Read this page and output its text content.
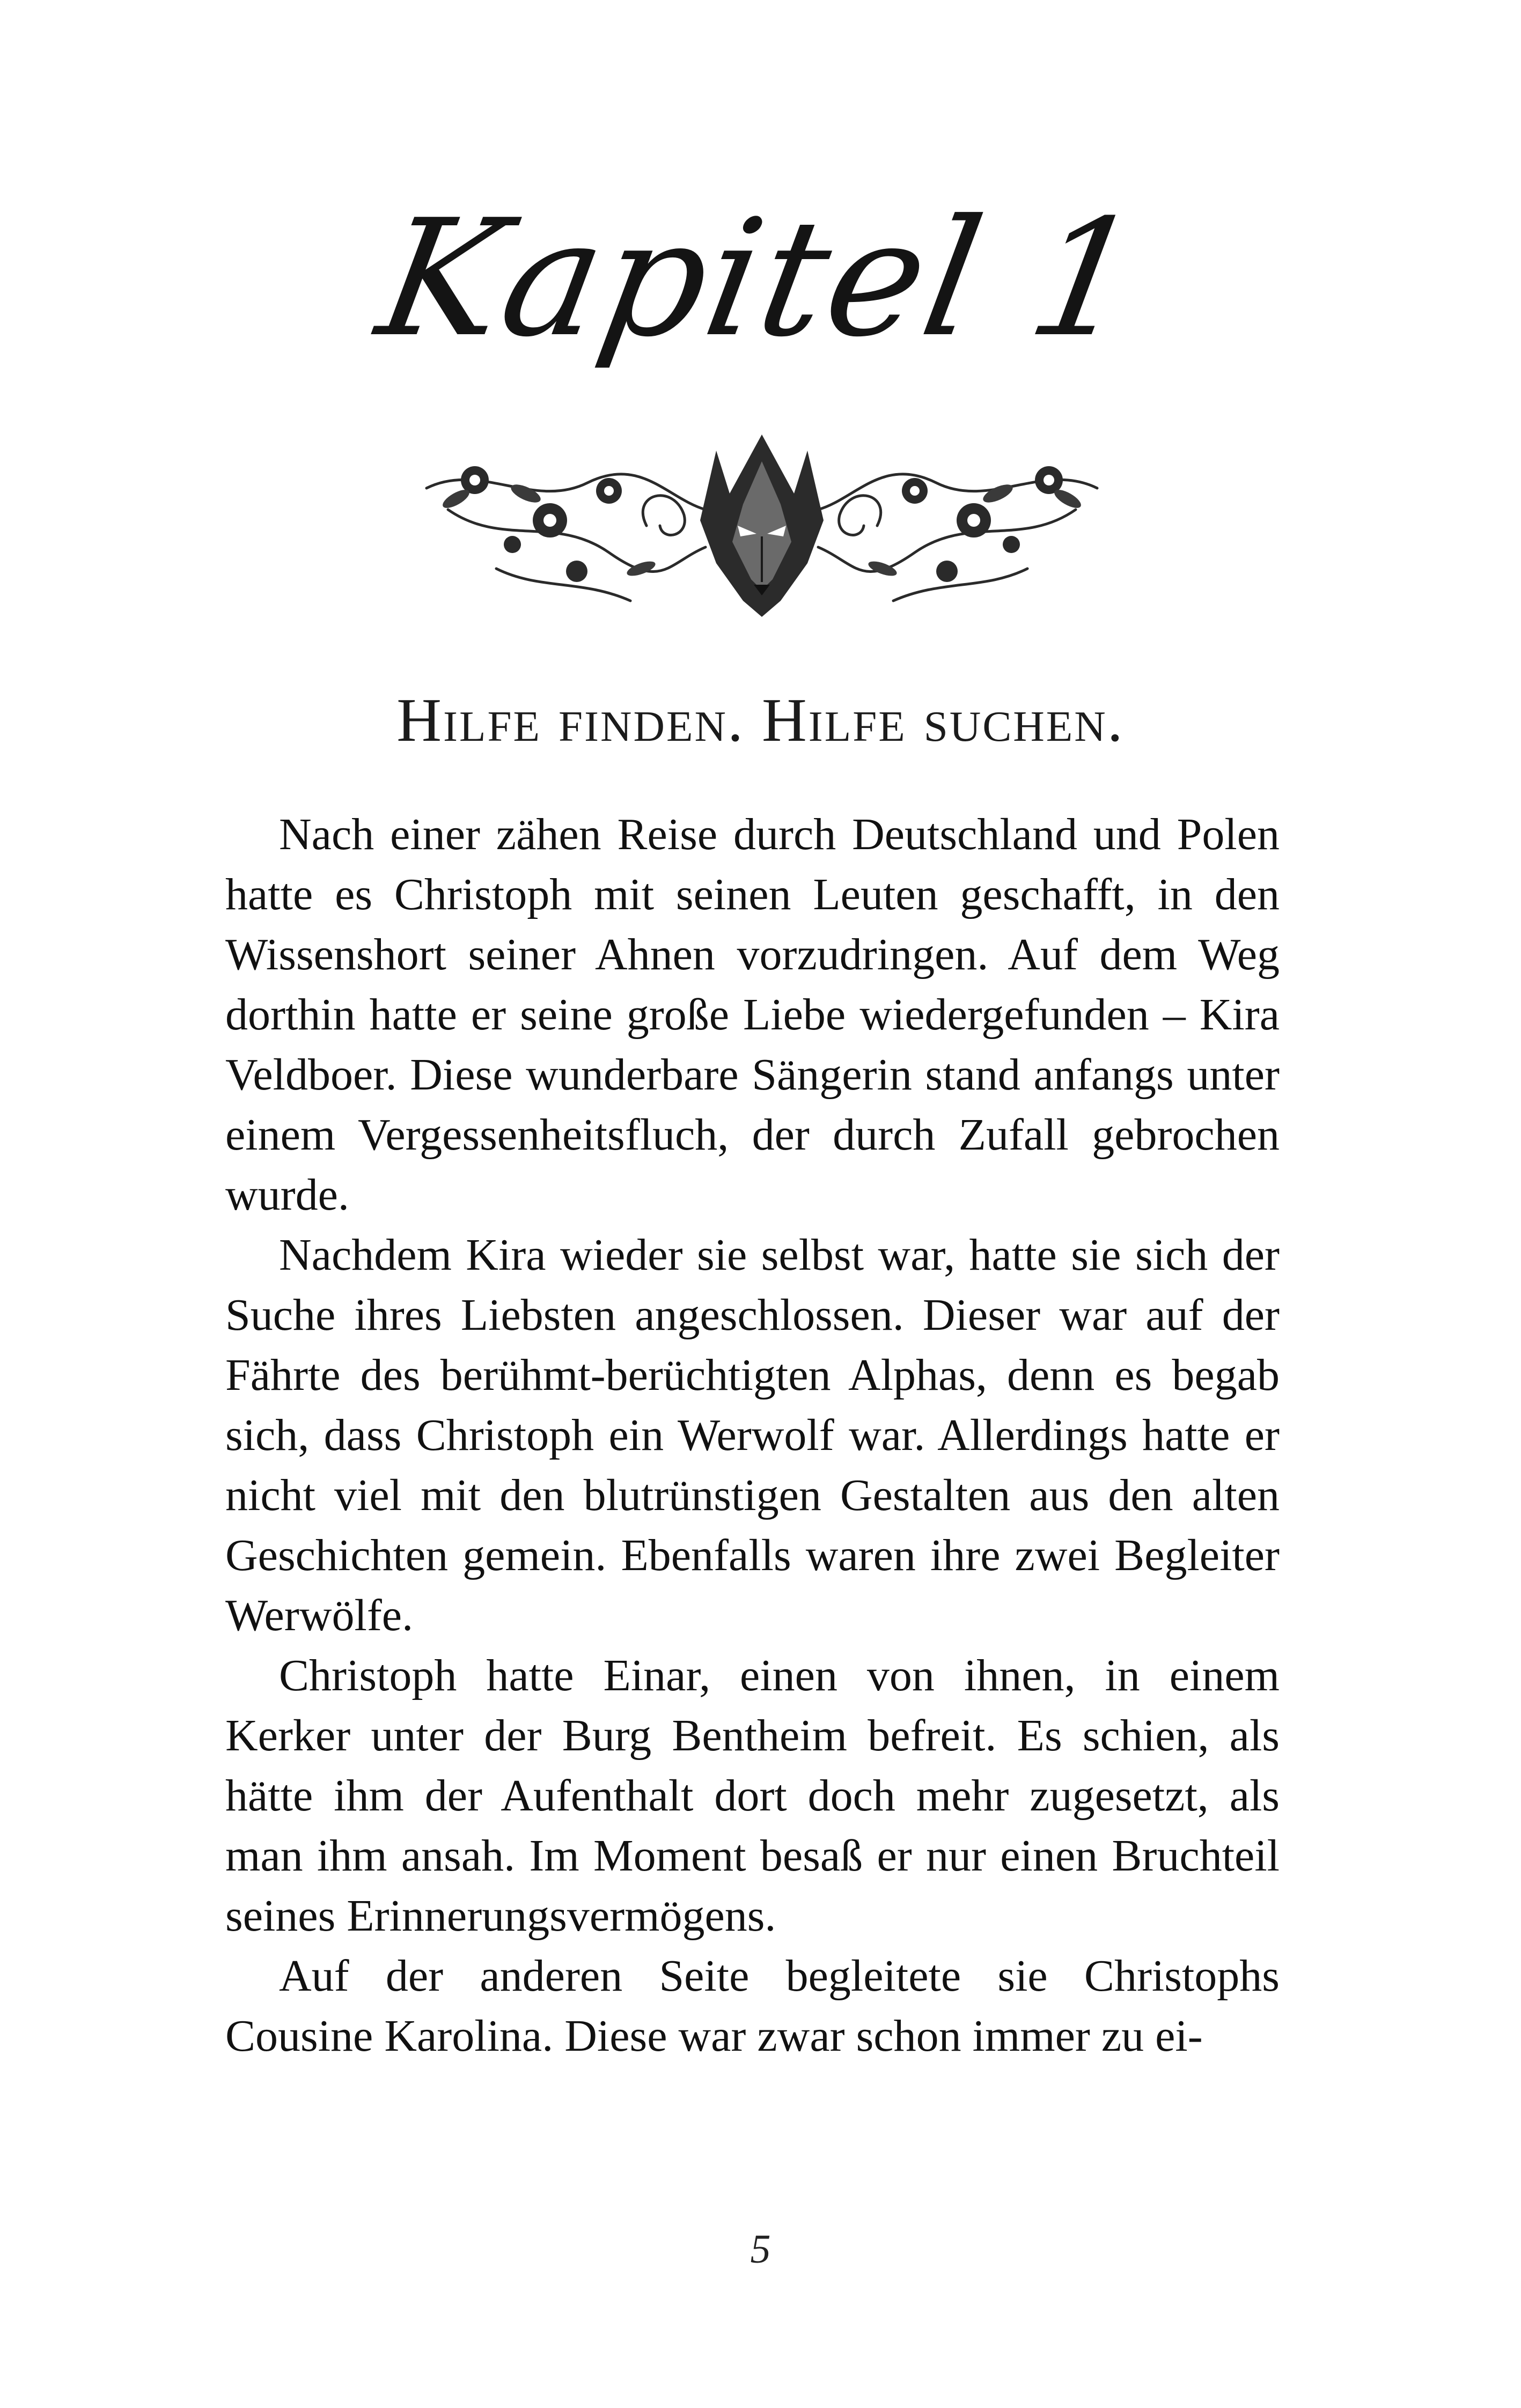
Kapitel 1
Hilfe finden. Hilfe suchen.

Nach einer zähen Reise durch Deutschland und Polen hatte es Christoph mit seinen Leuten geschafft, in den Wissenshort seiner Ahnen vorzudringen. Auf dem Weg dorthin hatte er seine große Liebe wiedergefunden – Kira Veldboer. Diese wunderbare Sängerin stand anfangs unter einem Vergessenheitsfluch, der durch Zufall gebrochen wurde.

Nachdem Kira wieder sie selbst war, hatte sie sich der Suche ihres Liebsten angeschlossen. Dieser war auf der Fährte des berühmt-berüchtigten Alphas, denn es begab sich, dass Christoph ein Werwolf war. Allerdings hatte er nicht viel mit den blutrünstigen Gestalten aus den alten Geschichten gemein. Ebenfalls waren ihre zwei Begleiter Werwölfe.

Christoph hatte Einar, einen von ihnen, in einem Kerker unter der Burg Bentheim befreit. Es schien, als hätte ihm der Aufenthalt dort doch mehr zugesetzt, als man ihm ansah. Im Moment besaß er nur einen Bruchteil seines Erinnerungsvermögens.

Auf der anderen Seite begleitete sie Christophs Cousine Karolina. Diese war zwar schon immer zu ei-

5
